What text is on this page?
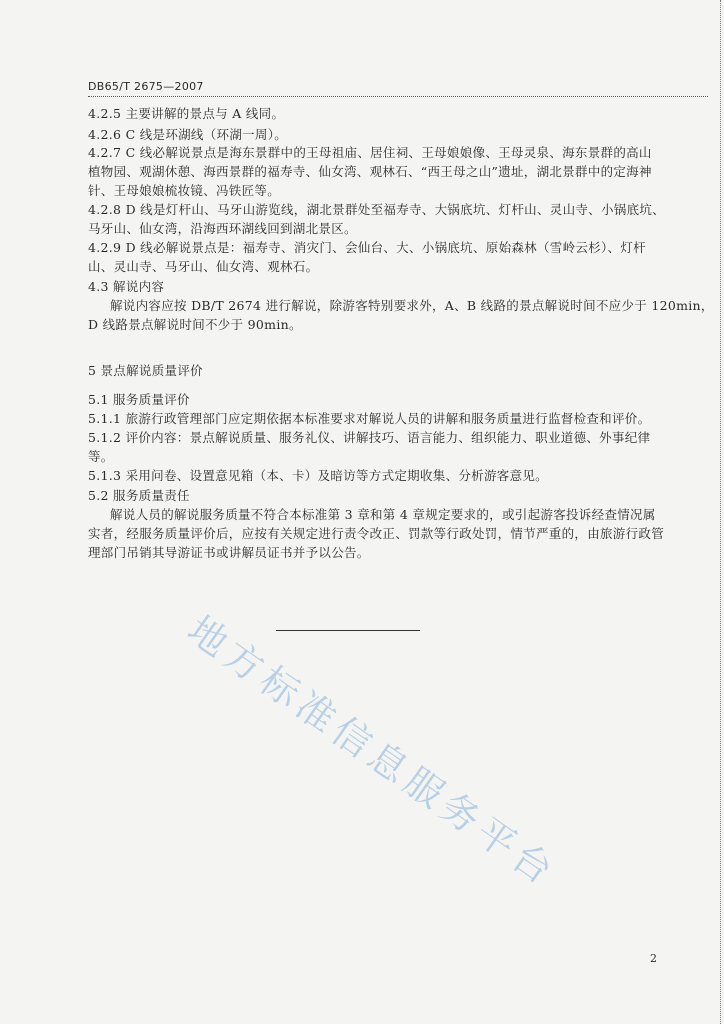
DB65/T 2675—2007
4.2.5 主要讲解的景点与 A 线同。
4.2.6 C 线是环湖线（环湖一周）。
4.2.7 C 线必解说景点是海东景群中的王母祖庙、居住祠、王母娘娘像、王母灵泉、海东景群的高山
植物园、观湖休憩、海西景群的福寿寺、仙女湾、观林石、“西王母之山”遗址，湖北景群中的定海神
针、王母娘娘梳妆镜、冯铁匠等。
4.2.8 D 线是灯杆山、马牙山游览线，湖北景群处至福寿寺、大锅底坑、灯杆山、灵山寺、小锅底坑、
马牙山、仙女湾，沿海西环湖线回到湖北景区。
4.2.9 D 线必解说景点是：福寿寺、消灾门、会仙台、大、小锅底坑、原始森林（雪岭云杉）、灯杆
山、灵山寺、马牙山、仙女湾、观林石。
4.3 解说内容
解说内容应按 DB/T 2674 进行解说，除游客特别要求外，A、B 线路的景点解说时间不应少于 120min，
D 线路景点解说时间不少于 90min。
5 景点解说质量评价
5.1 服务质量评价
5.1.1 旅游行政管理部门应定期依据本标准要求对解说人员的讲解和服务质量进行监督检查和评价。
5.1.2 评价内容：景点解说质量、服务礼仪、讲解技巧、语言能力、组织能力、职业道德、外事纪律
等。
5.1.3 采用问卷、设置意见箱（本、卡）及暗访等方式定期收集、分析游客意见。
5.2 服务质量责任
解说人员的解说服务质量不符合本标准第 3 章和第 4 章规定要求的，或引起游客投诉经查情况属
实者，经服务质量评价后，应按有关规定进行责令改正、罚款等行政处罚，情节严重的，由旅游行政管
理部门吊销其导游证书或讲解员证书并予以公告。
地方标准信息服务平台
2
